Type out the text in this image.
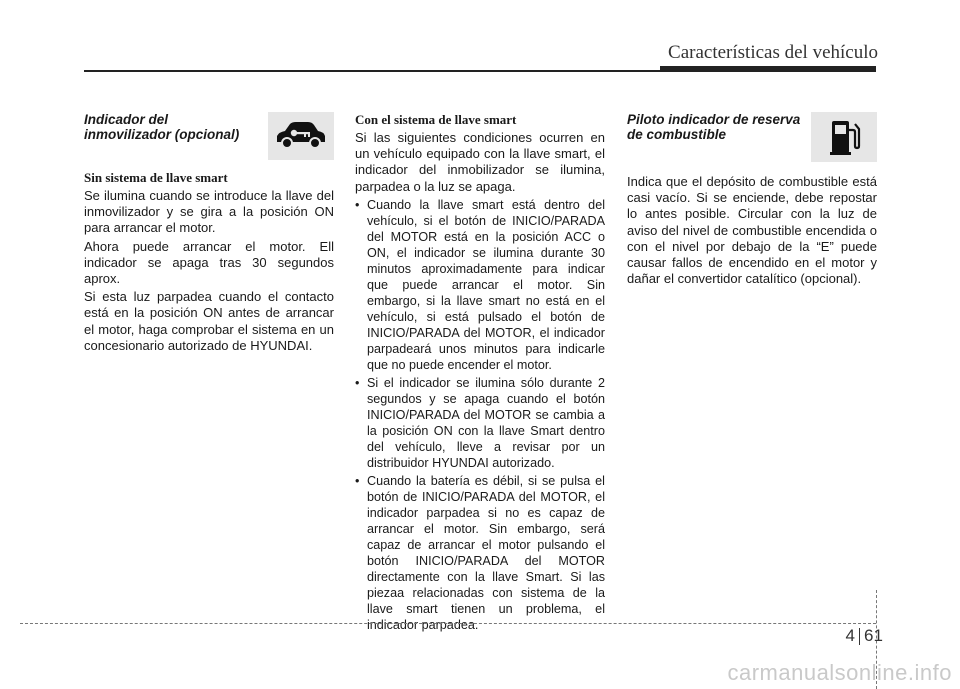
Características del vehículo

Indicador del
inmovilizador (opcional)

Sin sistema de llave smart

Se ilumina cuando se introduce la llave del inmovilizador y se gira a la posición ON para arrancar el motor.

Ahora puede arrancar el motor. Ell indicador se apaga tras 30 segundos aprox.

Si esta luz parpadea cuando el contacto está en la posición ON antes de arrancar el motor, haga comprobar el sistema en un concesionario autorizado de HYUNDAI.

Con el sistema de llave smart

Si las siguientes condiciones ocurren en un vehículo equipado con la llave smart, el indicador del inmobilizador se ilumina, parpadea o la luz se apaga.

• Cuando la llave smart está dentro del vehículo, si el botón de INICIO/PARADA del MOTOR está en la posición ACC o ON, el indicador se ilumina durante 30 minutos aproximadamente para indicar que puede arrancar el motor. Sin embargo, si la llave smart no está en el vehículo, si está pulsado el botón de INICIO/PARADA del MOTOR, el indicador parpadeará unos minutos para indicarle que no puede encender el motor.
• Si el indicador se ilumina sólo durante 2 segundos y se apaga cuando el botón INICIO/PARADA del MOTOR se cambia a la posición ON con la llave Smart dentro del vehículo, lleve a revisar por un distribuidor HYUNDAI autorizado.
• Cuando la batería es débil, si se pulsa el botón de INICIO/PARADA del MOTOR, el indicador parpadea si no es capaz de arrancar el motor. Sin embargo, será capaz de arrancar el motor pulsando el botón INICIO/PARADA del MOTOR directamente con la llave Smart. Si las piezaa relacionadas con sistema de la llave smart tienen un problema, el indicador parpadea.

Piloto indicador de reserva
de combustible

Indica que el depósito de combustible está casi vacío. Si se enciende, debe repostar lo antes posible. Circular con la luz de aviso del nivel de combustible encendida o con el nivel por debajo de la “E” puede causar fallos de encendido en el motor y dañar el convertidor catalítico (opcional).

4 61
carmanualsonline.info
